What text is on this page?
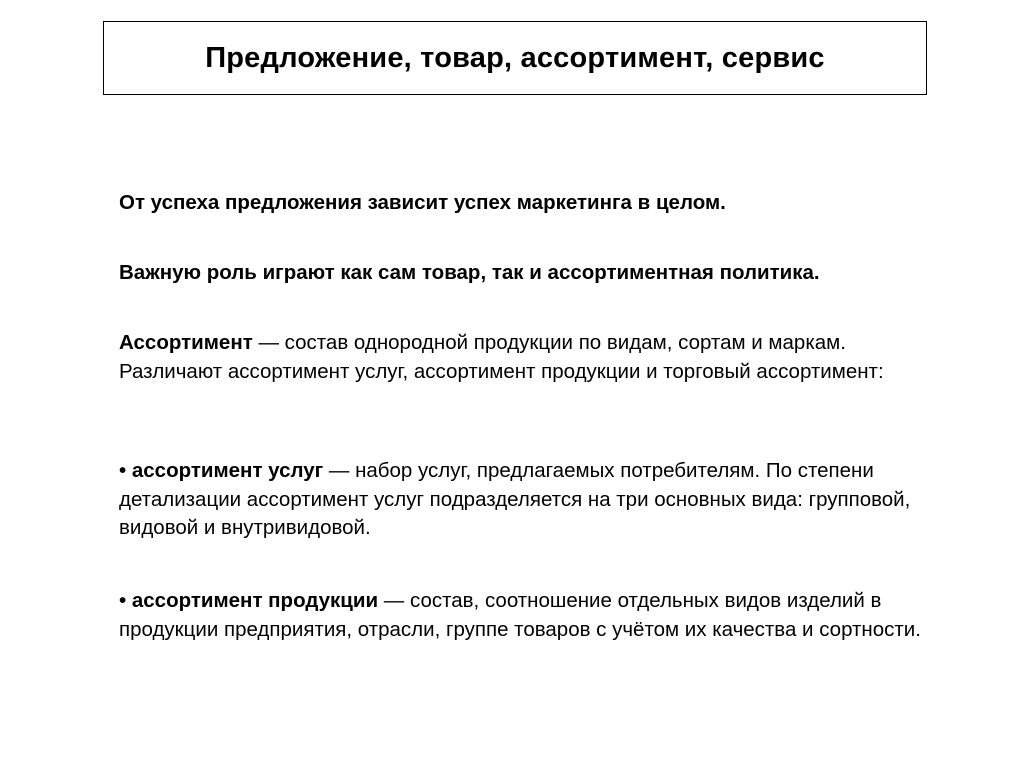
Предложение, товар, ассортимент, сервис

От успеха предложения зависит успех маркетинга в целом.

Важную роль играют как сам товар, так и ассортиментная политика.

Ассортимент — состав однородной продукции по видам, сортам и маркам. Различают ассортимент услуг, ассортимент продукции и торговый ассортимент:

• ассортимент услуг — набор услуг, предлагаемых потребителям. По степени детализации ассортимент услуг подразделяется на три основных вида: групповой, видовой и внутривидовой.

• ассортимент продукции — состав, соотношение отдельных видов изделий в продукции предприятия, отрасли, группе товаров с учётом их качества и сортности.
